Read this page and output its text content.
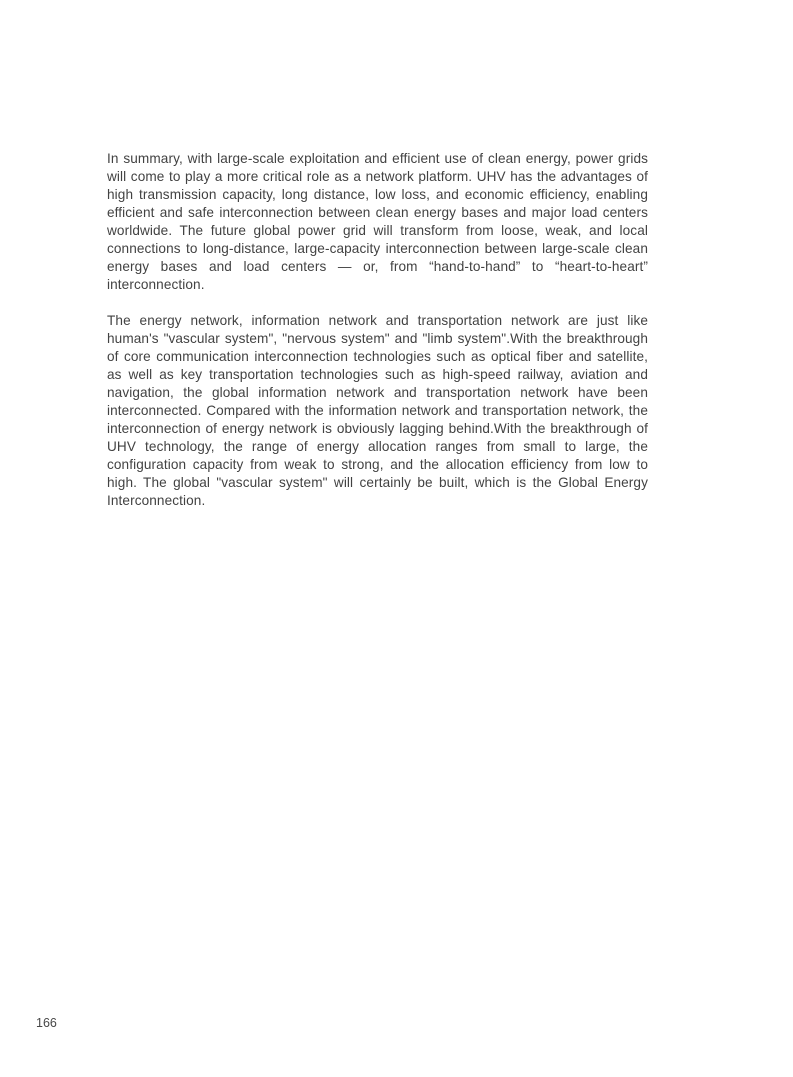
In summary, with large-scale exploitation and efficient use of clean energy, power grids will come to play a more critical role as a network platform. UHV has the advantages of high transmission capacity, long distance, low loss, and economic efficiency, enabling efficient and safe interconnection between clean energy bases and major load centers worldwide. The future global power grid will transform from loose, weak, and local connections to long-distance, large-capacity interconnection between large-scale clean energy bases and load centers — or, from “hand-to-hand” to “heart-to-heart” interconnection.

The energy network, information network and transportation network are just like human's "vascular system", "nervous system" and "limb system".With the breakthrough of core communication interconnection technologies such as optical fiber and satellite, as well as key transportation technologies such as high-speed railway, aviation and navigation, the global information network and transportation network have been interconnected. Compared with the information network and transportation network, the interconnection of energy network is obviously lagging behind.With the breakthrough of UHV technology, the range of energy allocation ranges from small to large, the configuration capacity from weak to strong, and the allocation efficiency from low to high. The global "vascular system" will certainly be built, which is the Global Energy Interconnection.

166
